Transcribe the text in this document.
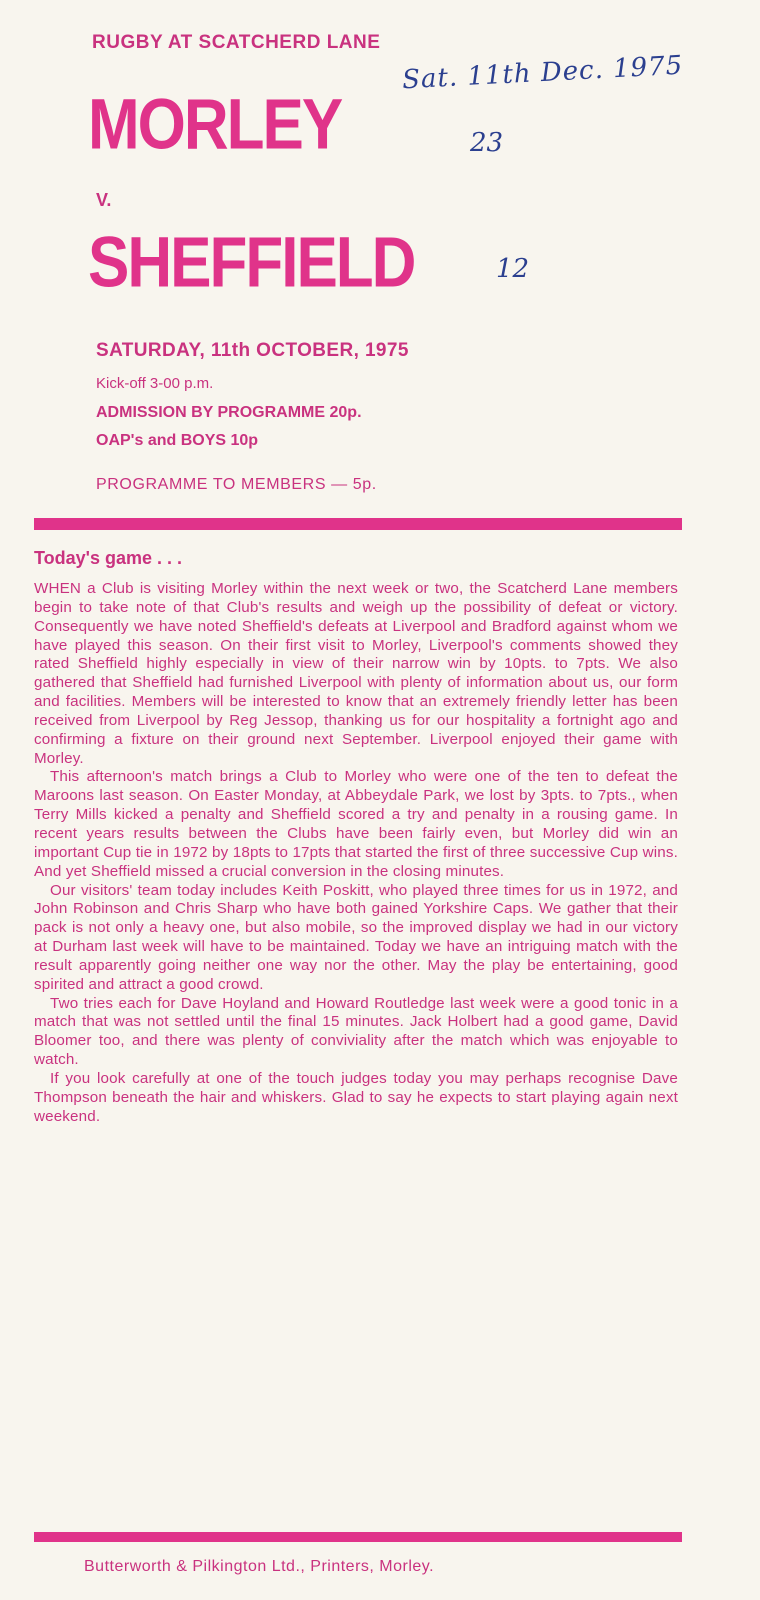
RUGBY AT SCATCHERD LANE
MORLEY
V.
SHEFFIELD
Sat. 11th Dec. 1975
23
12
SATURDAY, 11th OCTOBER, 1975
Kick-off 3-00 p.m.
ADMISSION BY PROGRAMME 20p.
OAP's and BOYS 10p
PROGRAMME TO MEMBERS — 5p.
Today's game . . .

WHEN a Club is visiting Morley within the next week or two, the Scatcherd Lane members begin to take note of that Club's results and weigh up the possibility of defeat or victory. Consequently we have noted Sheffield's defeats at Liverpool and Bradford against whom we have played this season. On their first visit to Morley, Liverpool's comments showed they rated Sheffield highly especially in view of their narrow win by 10pts. to 7pts. We also gathered that Sheffield had furnished Liverpool with plenty of information about us, our form and facilities. Members will be interested to know that an extremely friendly letter has been received from Liverpool by Reg Jessop, thanking us for our hospitality a fortnight ago and confirming a fixture on their ground next September. Liverpool enjoyed their game with Morley.

This afternoon's match brings a Club to Morley who were one of the ten to defeat the Maroons last season. On Easter Monday, at Abbeydale Park, we lost by 3pts. to 7pts., when Terry Mills kicked a penalty and Sheffield scored a try and penalty in a rousing game. In recent years results between the Clubs have been fairly even, but Morley did win an important Cup tie in 1972 by 18pts to 17pts that started the first of three successive Cup wins. And yet Sheffield missed a crucial conversion in the closing minutes.

Our visitors' team today includes Keith Poskitt, who played three times for us in 1972, and John Robinson and Chris Sharp who have both gained Yorkshire Caps. We gather that their pack is not only a heavy one, but also mobile, so the improved display we had in our victory at Durham last week will have to be maintained. Today we have an intriguing match with the result apparently going neither one way nor the other. May the play be entertaining, good spirited and attract a good crowd.

Two tries each for Dave Hoyland and Howard Routledge last week were a good tonic in a match that was not settled until the final 15 minutes. Jack Holbert had a good game, David Bloomer too, and there was plenty of conviviality after the match which was enjoyable to watch.

If you look carefully at one of the touch judges today you may perhaps recognise Dave Thompson beneath the hair and whiskers. Glad to say he expects to start playing again next weekend.

Butterworth & Pilkington Ltd., Printers, Morley.
